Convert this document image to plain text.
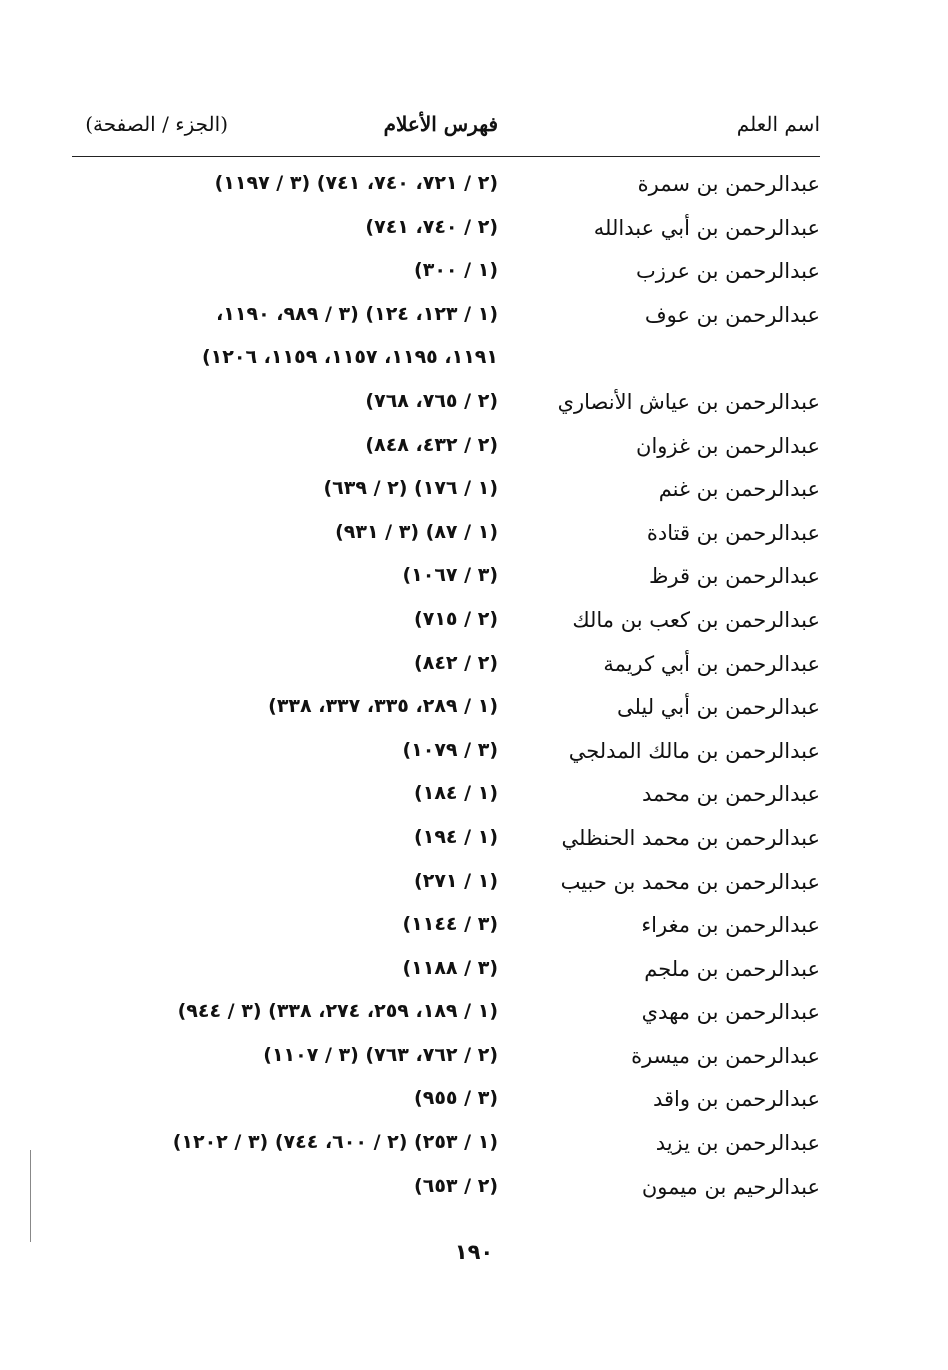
اسم العلم
فهرس الأعلام
(الجزء / الصفحة)
عبدالرحمن بن سمرة
(٢ / ٧٢١، ٧٤٠، ٧٤١) (٣ / ١١٩٧)
عبدالرحمن بن أبي عبدالله
(٢ / ٧٤٠، ٧٤١)
عبدالرحمن بن عرزب
(١ / ٣٠٠)
عبدالرحمن بن عوف
(١ / ١٢٣، ١٢٤) (٣ / ٩٨٩، ١١٩٠،
١١٩١، ١١٩٥، ١١٥٧، ١١٥٩، ١٢٠٦)
عبدالرحمن بن عياش الأنصاري
(٢ / ٧٦٥، ٧٦٨)
عبدالرحمن بن غزوان
(٢ / ٤٣٢، ٨٤٨)
عبدالرحمن بن غنم
(١ / ١٧٦) (٢ / ٦٣٩)
عبدالرحمن بن قتادة
(١ / ٨٧) (٣ / ٩٣١)
عبدالرحمن بن قرظ
(٣ / ١٠٦٧)
عبدالرحمن بن كعب بن مالك
(٢ / ٧١٥)
عبدالرحمن بن أبي كريمة
(٢ / ٨٤٢)
عبدالرحمن بن أبي ليلى
(١ / ٢٨٩، ٣٣٥، ٣٣٧، ٣٣٨)
عبدالرحمن بن مالك المدلجي
(٣ / ١٠٧٩)
عبدالرحمن بن محمد
(١ / ١٨٤)
عبدالرحمن بن محمد الحنظلي
(١ / ١٩٤)
عبدالرحمن بن محمد بن حبيب
(١ / ٢٧١)
عبدالرحمن بن مغراء
(٣ / ١١٤٤)
عبدالرحمن بن ملجم
(٣ / ١١٨٨)
عبدالرحمن بن مهدي
(١ / ١٨٩، ٢٥٩، ٢٧٤، ٣٣٨) (٣ / ٩٤٤)
عبدالرحمن بن ميسرة
(٢ / ٧٦٢، ٧٦٣) (٣ / ١١٠٧)
عبدالرحمن بن واقد
(٣ / ٩٥٥)
عبدالرحمن بن يزيد
(١ / ٢٥٣) (٢ / ٦٠٠، ٧٤٤) (٣ / ١٢٠٢)
عبدالرحيم بن ميمون
(٢ / ٦٥٣)
١٩٠
